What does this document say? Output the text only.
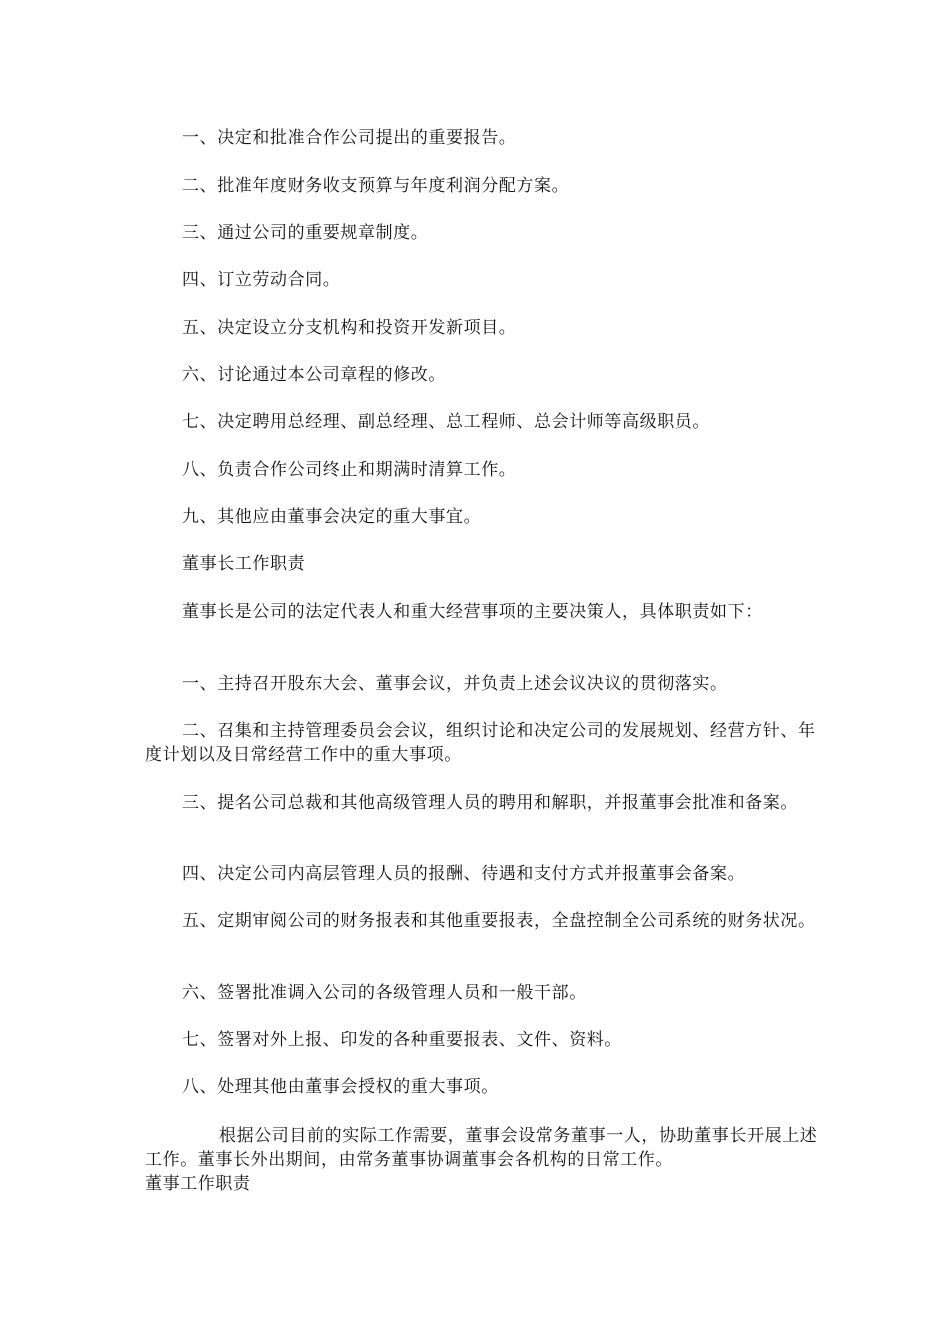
一、决定和批准合作公司提出的重要报告。
二、批准年度财务收支预算与年度利润分配方案。
三、通过公司的重要规章制度。
四、订立劳动合同。
五、决定设立分支机构和投资开发新项目。
六、讨论通过本公司章程的修改。
七、决定聘用总经理、副总经理、总工程师、总会计师等高级职员。
八、负责合作公司终止和期满时清算工作。
九、其他应由董事会决定的重大事宜。
董事长工作职责
董事长是公司的法定代表人和重大经营事项的主要决策人，具体职责如下：
一、主持召开股东大会、董事会议，并负责上述会议决议的贯彻落实。
二、召集和主持管理委员会会议，组织讨论和决定公司的发展规划、经营方针、年度计划以及日常经营工作中的重大事项。
三、提名公司总裁和其他高级管理人员的聘用和解职，并报董事会批准和备案。
四、决定公司内高层管理人员的报酬、待遇和支付方式并报董事会备案。
五、定期审阅公司的财务报表和其他重要报表，全盘控制全公司系统的财务状况。
六、签署批准调入公司的各级管理人员和一般干部。
七、签署对外上报、印发的各种重要报表、文件、资料。
八、处理其他由董事会授权的重大事项。
根据公司目前的实际工作需要，董事会设常务董事一人，协助董事长开展上述工作。董事长外出期间，由常务董事协调董事会各机构的日常工作。
董事工作职责
